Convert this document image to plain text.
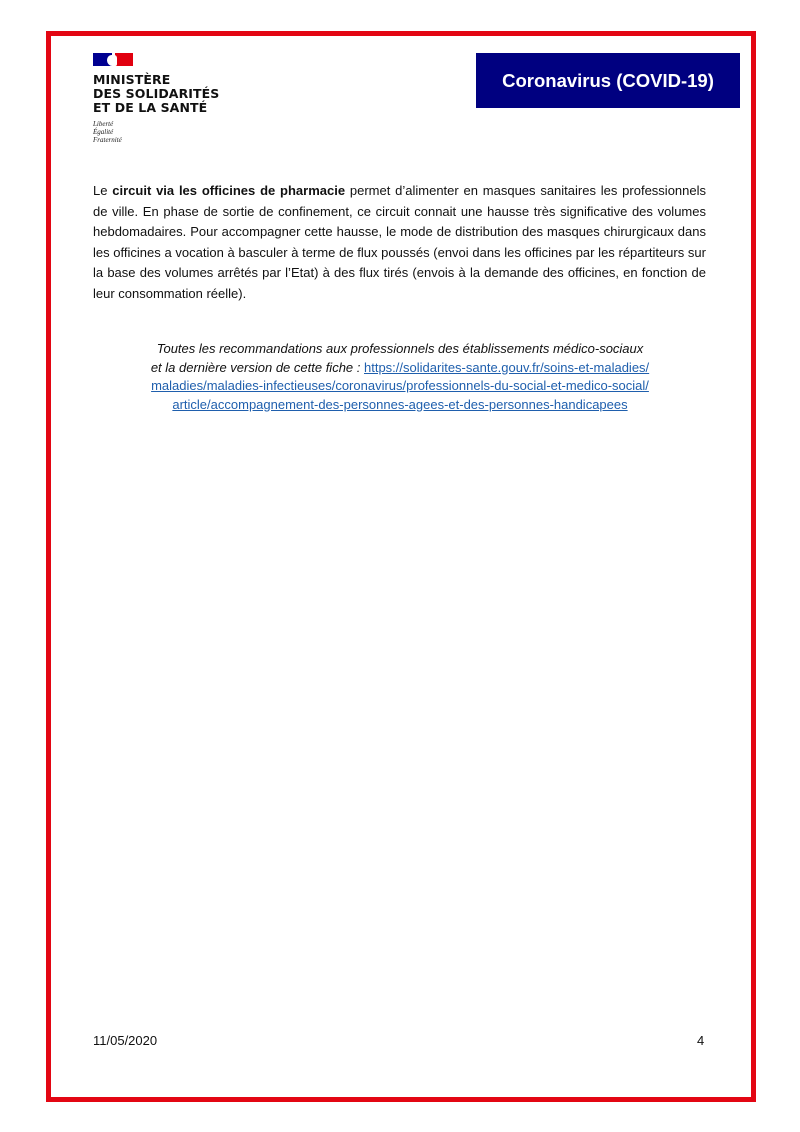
MINISTÈRE
DES SOLIDARITÉS
ET DE LA SANTÉ
Liberté
Égalité
Fraternité
Coronavirus (COVID-19)
Le circuit via les officines de pharmacie permet d’alimenter en masques sanitaires les professionnels de ville. En phase de sortie de confinement, ce circuit connait une hausse très significative des volumes hebdomadaires. Pour accompagner cette hausse, le mode de distribution des masques chirurgicaux dans les officines a vocation à basculer à terme de flux poussés (envoi dans les officines par les répartiteurs sur la base des volumes arrêtés par l’Etat) à des flux tirés (envois à la demande des officines, en fonction de leur consommation réelle).
Toutes les recommandations aux professionnels des établissements médico-sociaux et la dernière version de cette fiche : https://solidarites-sante.gouv.fr/soins-et-maladies/maladies/maladies-infectieuses/coronavirus/professionnels-du-social-et-medico-social/article/accompagnement-des-personnes-agees-et-des-personnes-handicapees
11/05/2020	4
